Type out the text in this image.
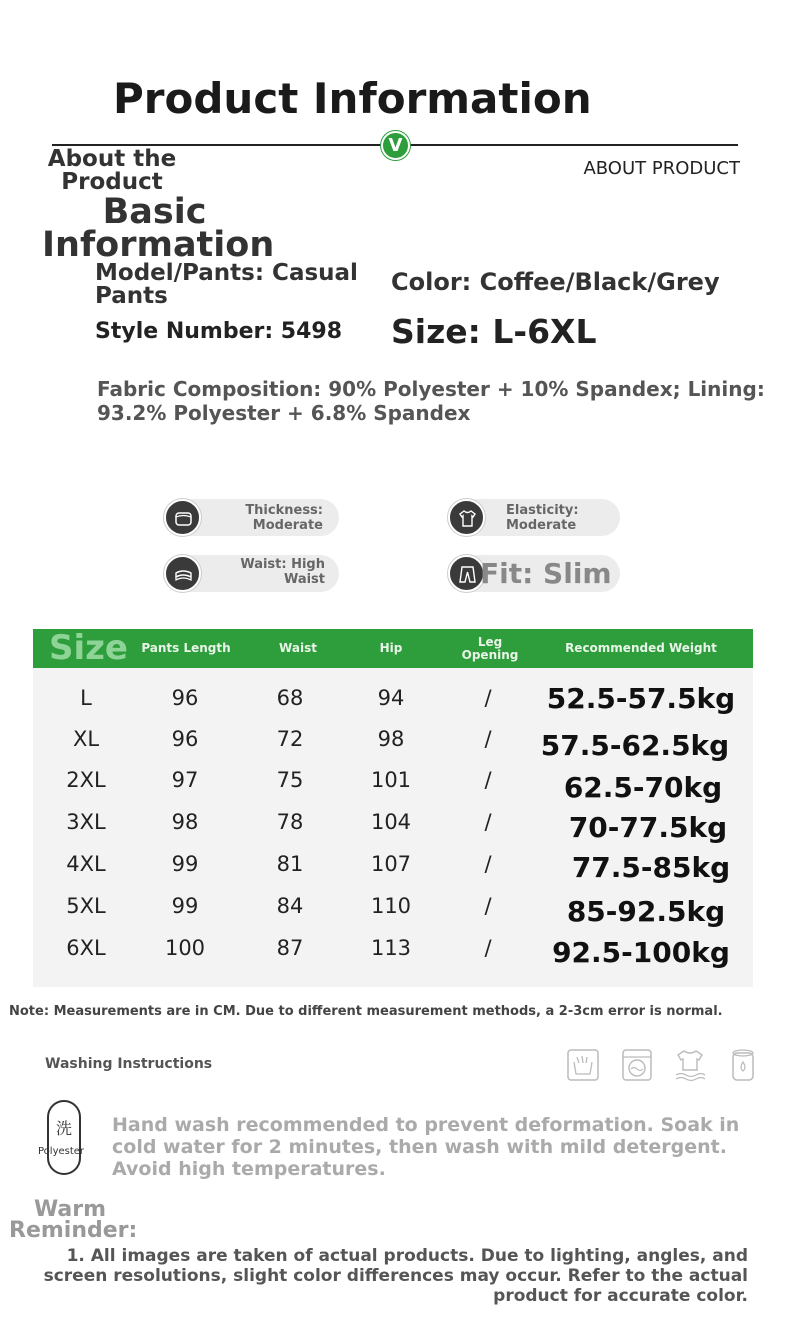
Product Information
V
About the Product
ABOUT PRODUCT
Basic Information
Model/Pants: Casual Pants
Style Number: 5498
Color: Coffee/Black/Grey
Size: L-6XL
Fabric Composition: 90% Polyester + 10% Spandex; Lining: 93.2% Polyester + 6.8% Spandex
Thickness:
Moderate
Elasticity:
Moderate
Waist: High
Waist	Fit: Slim
Size	Pants Length	Waist	Hip	Leg Opening	Recommended Weight
L	96	68	94	/	52.5-57.5kg
XL	96	72	98	/	57.5-62.5kg
2XL	97	75	101	/	62.5-70kg
3XL	98	78	104	/	70-77.5kg
4XL	99	81	107	/	77.5-85kg
5XL	99	84	110	/	85-92.5kg
6XL	100	87	113	/	92.5-100kg
Note: Measurements are in CM. Due to different measurement methods, a 2-3cm error is normal.
Washing Instructions
洗
Polyester
Hand wash recommended to prevent deformation. Soak in cold water for 2 minutes, then wash with mild detergent. Avoid high temperatures.
Warm Reminder:
1. All images are taken of actual products. Due to lighting, angles, and screen resolutions, slight color differences may occur. Refer to the actual product for accurate color.
